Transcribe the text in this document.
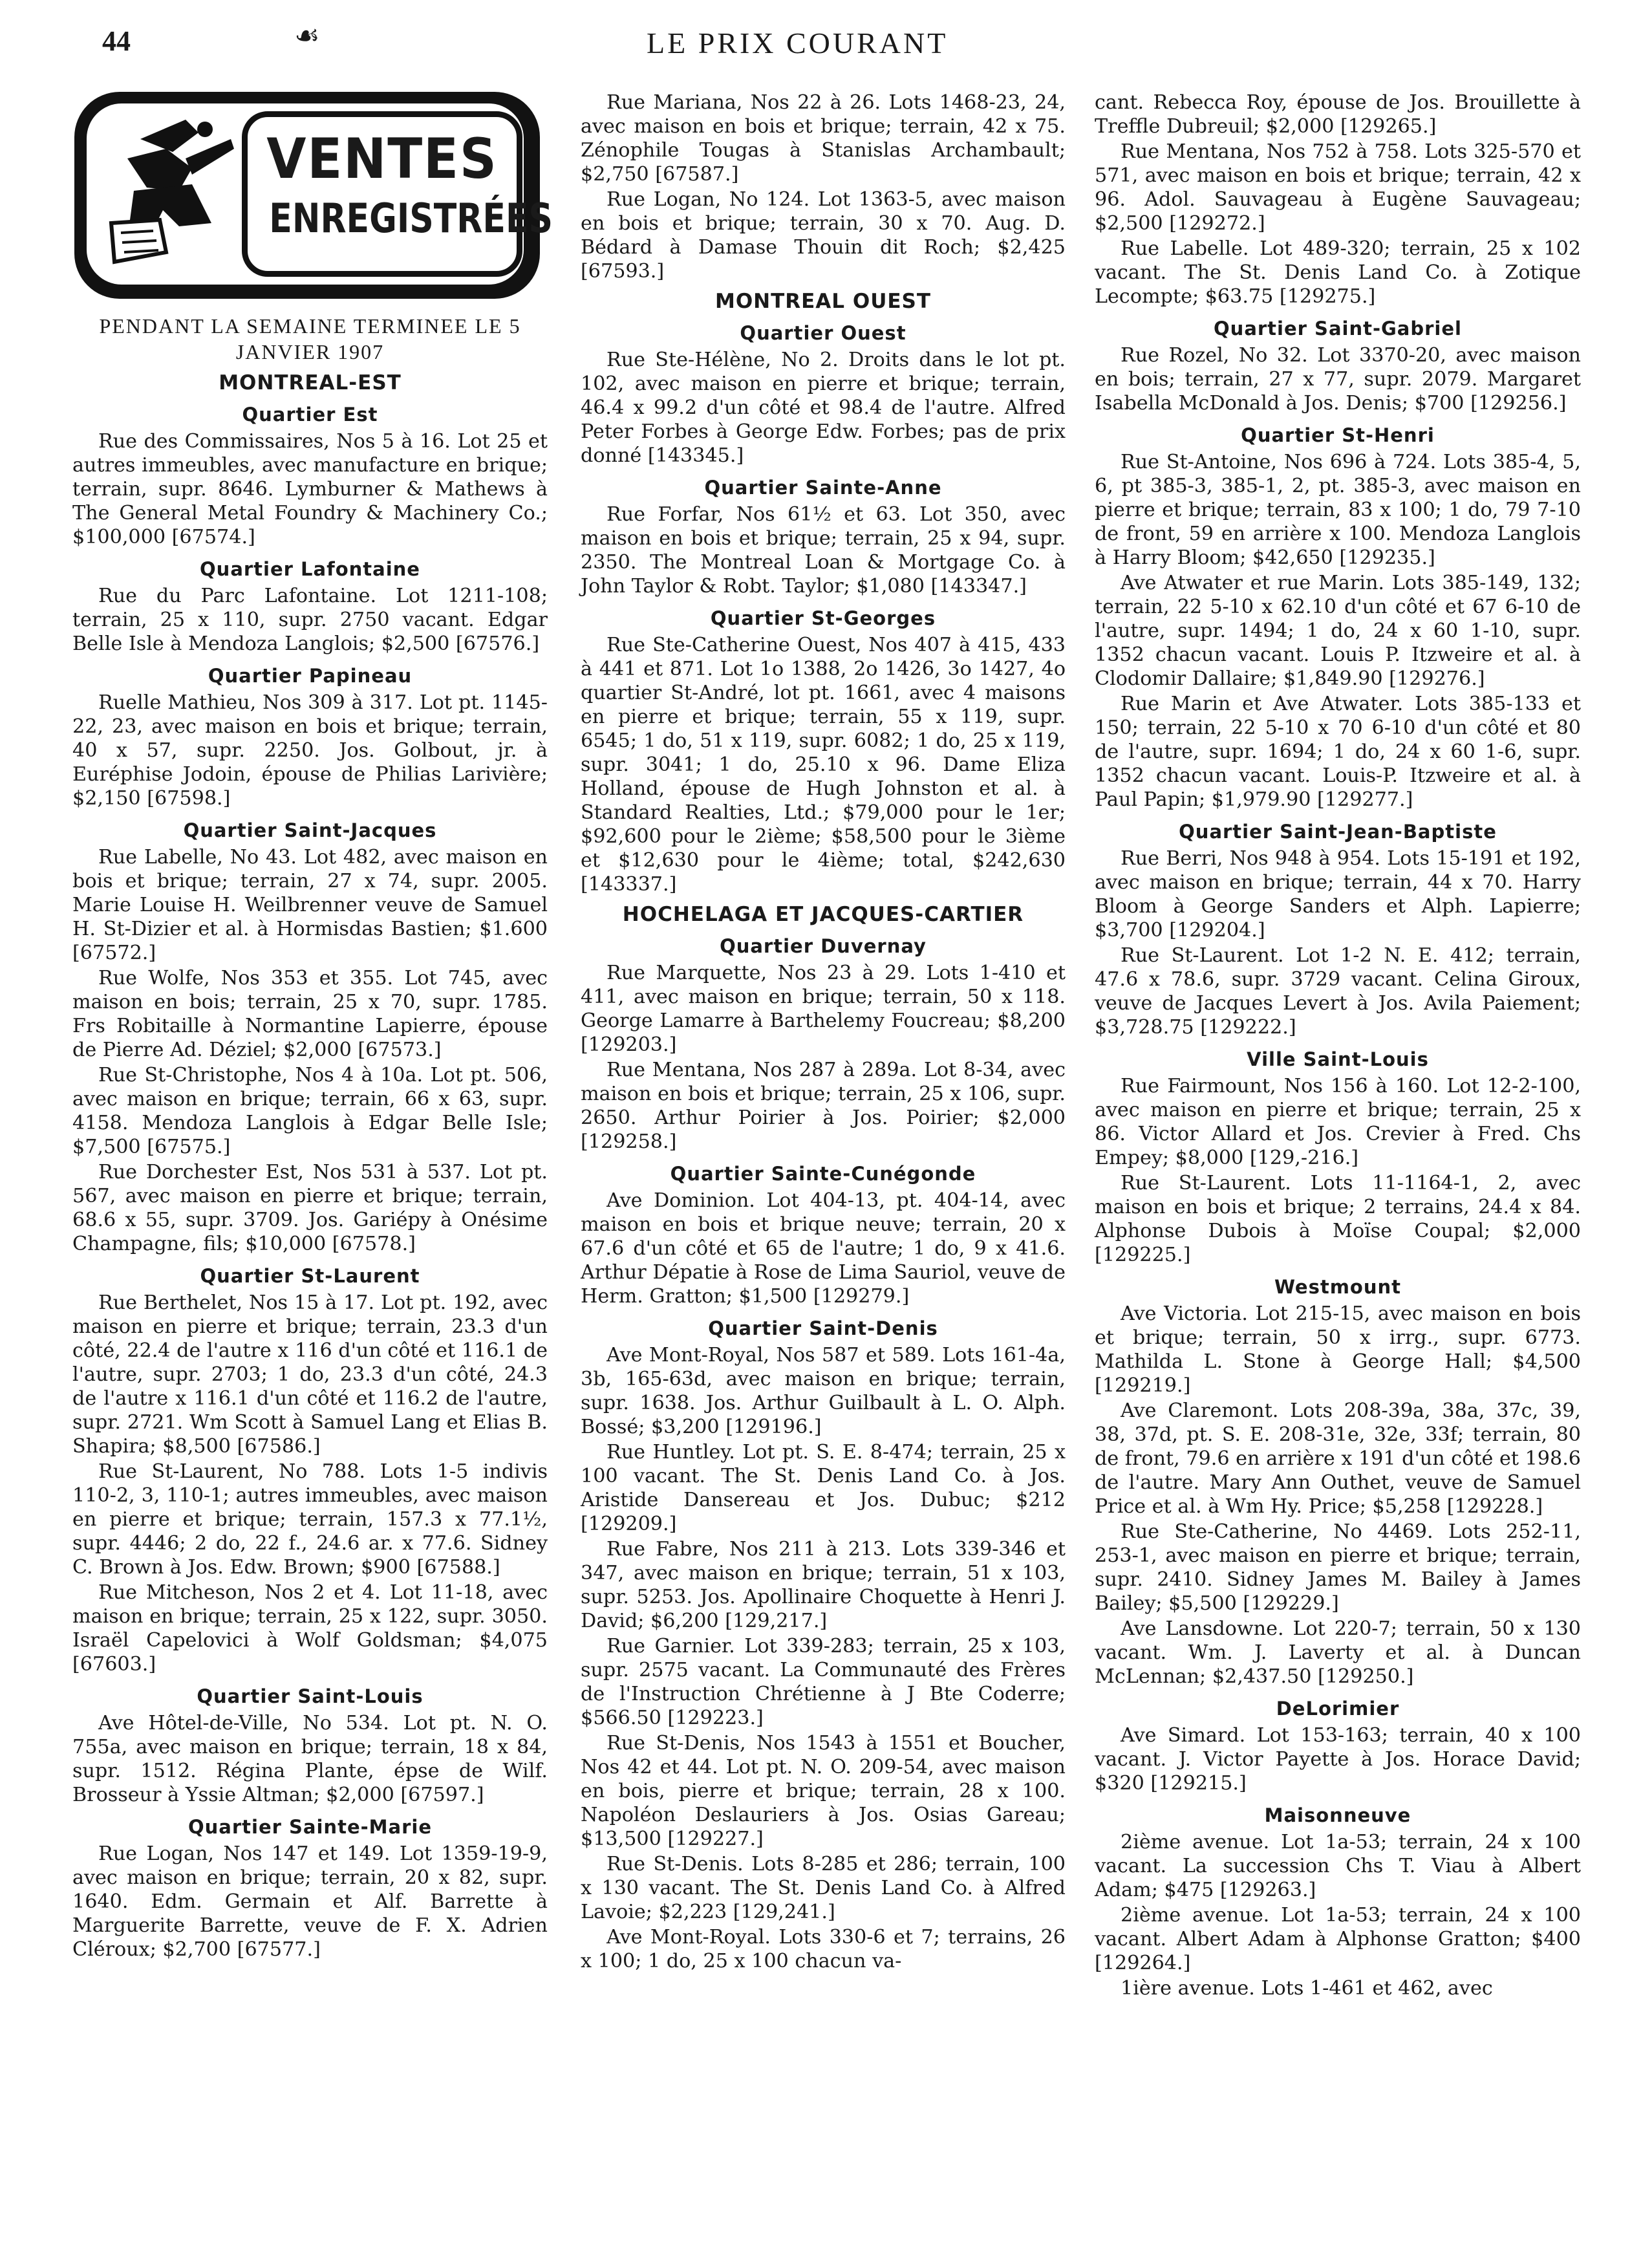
44	☙	LE PRIX COURANT
VENTES
ENREGISTRÉES
PENDANT LA SEMAINE TERMINEE LE 5 JANVIER 1907
MONTREAL-EST
Quartier Est
Rue des Commissaires, Nos 5 à 16. Lot 25 et autres immeubles, avec manufacture en brique; terrain, supr. 8646. Lymburner & Mathews à The General Metal Foundry & Machinery Co.; $100,000 [67574.]
Quartier Lafontaine
Rue du Parc Lafontaine. Lot 1211-108; terrain, 25 x 110, supr. 2750 vacant. Edgar Belle Isle à Mendoza Langlois; $2,500 [67576.]
Quartier Papineau
Ruelle Mathieu, Nos 309 à 317. Lot pt. 1145-22, 23, avec maison en bois et brique; terrain, 40 x 57, supr. 2250. Jos. Golbout, jr. à Euréphise Jodoin, épouse de Philias Larivière; $2,150 [67598.]
Quartier Saint-Jacques
Rue Labelle, No 43. Lot 482, avec maison en bois et brique; terrain, 27 x 74, supr. 2005. Marie Louise H. Weilbrenner veuve de Samuel H. St-Dizier et al. à Hormisdas Bastien; $1.600 [67572.]
Rue Wolfe, Nos 353 et 355. Lot 745, avec maison en bois; terrain, 25 x 70, supr. 1785. Frs Robitaille à Normantine Lapierre, épouse de Pierre Ad. Déziel; $2,000 [67573.]
Rue St-Christophe, Nos 4 à 10a. Lot pt. 506, avec maison en brique; terrain, 66 x 63, supr. 4158. Mendoza Langlois à Edgar Belle Isle; $7,500 [67575.]
Rue Dorchester Est, Nos 531 à 537. Lot pt. 567, avec maison en pierre et brique; terrain, 68.6 x 55, supr. 3709. Jos. Gariépy à Onésime Champagne, fils; $10,000 [67578.]
Quartier St-Laurent
Rue Berthelet, Nos 15 à 17. Lot pt. 192, avec maison en pierre et brique; terrain, 23.3 d'un côté, 22.4 de l'autre x 116 d'un côté et 116.1 de l'autre, supr. 2703; 1 do, 23.3 d'un côté, 24.3 de l'autre x 116.1 d'un côté et 116.2 de l'autre, supr. 2721. Wm Scott à Samuel Lang et Elias B. Shapira; $8,500 [67586.]
Rue St-Laurent, No 788. Lots 1-5 indivis 110-2, 3, 110-1; autres immeubles, avec maison en pierre et brique; terrain, 157.3 x 77.1½, supr. 4446; 2 do, 22 f., 24.6 ar. x 77.6. Sidney C. Brown à Jos. Edw. Brown; $900 [67588.]
Rue Mitcheson, Nos 2 et 4. Lot 11-18, avec maison en brique; terrain, 25 x 122, supr. 3050. Israël Capelovici à Wolf Goldsman; $4,075 [67603.]
Quartier Saint-Louis
Ave Hôtel-de-Ville, No 534. Lot pt. N. O. 755a, avec maison en brique; terrain, 18 x 84, supr. 1512. Régina Plante, épse de Wilf. Brosseur à Yssie Altman; $2,000 [67597.]
Quartier Sainte-Marie
Rue Logan, Nos 147 et 149. Lot 1359-19-9, avec maison en brique; terrain, 20 x 82, supr. 1640. Edm. Germain et Alf. Barrette à Marguerite Barrette, veuve de F. X. Adrien Cléroux; $2,700 [67577.]
Rue Mariana, Nos 22 à 26. Lots 1468-23, 24, avec maison en bois et brique; terrain, 42 x 75. Zénophile Tougas à Stanislas Archambault; $2,750 [67587.]
Rue Logan, No 124. Lot 1363-5, avec maison en bois et brique; terrain, 30 x 70. Aug. D. Bédard à Damase Thouin dit Roch; $2,425 [67593.]
MONTREAL OUEST
Quartier Ouest
Rue Ste-Hélène, No 2. Droits dans le lot pt. 102, avec maison en pierre et brique; terrain, 46.4 x 99.2 d'un côté et 98.4 de l'autre. Alfred Peter Forbes à George Edw. Forbes; pas de prix donné [143345.]
Quartier Sainte-Anne
Rue Forfar, Nos 61½ et 63. Lot 350, avec maison en bois et brique; terrain, 25 x 94, supr. 2350. The Montreal Loan & Mortgage Co. à John Taylor & Robt. Taylor; $1,080 [143347.]
Quartier St-Georges
Rue Ste-Catherine Ouest, Nos 407 à 415, 433 à 441 et 871. Lot 1o 1388, 2o 1426, 3o 1427, 4o quartier St-André, lot pt. 1661, avec 4 maisons en pierre et brique; terrain, 55 x 119, supr. 6545; 1 do, 51 x 119, supr. 6082; 1 do, 25 x 119, supr. 3041; 1 do, 25.10 x 96. Dame Eliza Holland, épouse de Hugh Johnston et al. à Standard Realties, Ltd.; $79,000 pour le 1er; $92,600 pour le 2ième; $58,500 pour le 3ième et $12,630 pour le 4ième; total, $242,630 [143337.]
HOCHELAGA ET JACQUES-CARTIER
Quartier Duvernay
Rue Marquette, Nos 23 à 29. Lots 1-410 et 411, avec maison en brique; terrain, 50 x 118. George Lamarre à Barthelemy Foucreau; $8,200 [129203.]
Rue Mentana, Nos 287 à 289a. Lot 8-34, avec maison en bois et brique; terrain, 25 x 106, supr. 2650. Arthur Poirier à Jos. Poirier; $2,000 [129258.]
Quartier Sainte-Cunégonde
Ave Dominion. Lot 404-13, pt. 404-14, avec maison en bois et brique neuve; terrain, 20 x 67.6 d'un côté et 65 de l'autre; 1 do, 9 x 41.6. Arthur Dépatie à Rose de Lima Sauriol, veuve de Herm. Gratton; $1,500 [129279.]
Quartier Saint-Denis
Ave Mont-Royal, Nos 587 et 589. Lots 161-4a, 3b, 165-63d, avec maison en brique; terrain, supr. 1638. Jos. Arthur Guilbault à L. O. Alph. Bossé; $3,200 [129196.]
Rue Huntley. Lot pt. S. E. 8-474; terrain, 25 x 100 vacant. The St. Denis Land Co. à Jos. Aristide Dansereau et Jos. Dubuc; $212 [129209.]
Rue Fabre, Nos 211 à 213. Lots 339-346 et 347, avec maison en brique; terrain, 51 x 103, supr. 5253. Jos. Apollinaire Choquette à Henri J. David; $6,200 [129,217.]
Rue Garnier. Lot 339-283; terrain, 25 x 103, supr. 2575 vacant. La Communauté des Frères de l'Instruction Chrétienne à J Bte Coderre; $566.50 [129223.]
Rue St-Denis, Nos 1543 à 1551 et Boucher, Nos 42 et 44. Lot pt. N. O. 209-54, avec maison en bois, pierre et brique; terrain, 28 x 100. Napoléon Deslauriers à Jos. Osias Gareau; $13,500 [129227.]
Rue St-Denis. Lots 8-285 et 286; terrain, 100 x 130 vacant. The St. Denis Land Co. à Alfred Lavoie; $2,223 [129,241.]
Ave Mont-Royal. Lots 330-6 et 7; terrains, 26 x 100; 1 do, 25 x 100 chacun va-
cant. Rebecca Roy, épouse de Jos. Brouillette à Treffle Dubreuil; $2,000 [129265.]
Rue Mentana, Nos 752 à 758. Lots 325-570 et 571, avec maison en bois et brique; terrain, 42 x 96. Adol. Sauvageau à Eugène Sauvageau; $2,500 [129272.]
Rue Labelle. Lot 489-320; terrain, 25 x 102 vacant. The St. Denis Land Co. à Zotique Lecompte; $63.75 [129275.]
Quartier Saint-Gabriel
Rue Rozel, No 32. Lot 3370-20, avec maison en bois; terrain, 27 x 77, supr. 2079. Margaret Isabella McDonald à Jos. Denis; $700 [129256.]
Quartier St-Henri
Rue St-Antoine, Nos 696 à 724. Lots 385-4, 5, 6, pt 385-3, 385-1, 2, pt. 385-3, avec maison en pierre et brique; terrain, 83 x 100; 1 do, 79 7-10 de front, 59 en arrière x 100. Mendoza Langlois à Harry Bloom; $42,650 [129235.]
Ave Atwater et rue Marin. Lots 385-149, 132; terrain, 22 5-10 x 62.10 d'un côté et 67 6-10 de l'autre, supr. 1494; 1 do, 24 x 60 1-10, supr. 1352 chacun vacant. Louis P. Itzweire et al. à Clodomir Dallaire; $1,849.90 [129276.]
Rue Marin et Ave Atwater. Lots 385-133 et 150; terrain, 22 5-10 x 70 6-10 d'un côté et 80 de l'autre, supr. 1694; 1 do, 24 x 60 1-6, supr. 1352 chacun vacant. Louis-P. Itzweire et al. à Paul Papin; $1,979.90 [129277.]
Quartier Saint-Jean-Baptiste
Rue Berri, Nos 948 à 954. Lots 15-191 et 192, avec maison en brique; terrain, 44 x 70. Harry Bloom à George Sanders et Alph. Lapierre; $3,700 [129204.]
Rue St-Laurent. Lot 1-2 N. E. 412; terrain, 47.6 x 78.6, supr. 3729 vacant. Celina Giroux, veuve de Jacques Levert à Jos. Avila Paiement; $3,728.75 [129222.]
Ville Saint-Louis
Rue Fairmount, Nos 156 à 160. Lot 12-2-100, avec maison en pierre et brique; terrain, 25 x 86. Victor Allard et Jos. Crevier à Fred. Chs Empey; $8,000 [129,-216.]
Rue St-Laurent. Lots 11-1164-1, 2, avec maison en bois et brique; 2 terrains, 24.4 x 84. Alphonse Dubois à Moïse Coupal; $2,000 [129225.]
Westmount
Ave Victoria. Lot 215-15, avec maison en bois et brique; terrain, 50 x irrg., supr. 6773. Mathilda L. Stone à George Hall; $4,500 [129219.]
Ave Claremont. Lots 208-39a, 38a, 37c, 39, 38, 37d, pt. S. E. 208-31e, 32e, 33f; terrain, 80 de front, 79.6 en arrière x 191 d'un côté et 198.6 de l'autre. Mary Ann Outhet, veuve de Samuel Price et al. à Wm Hy. Price; $5,258 [129228.]
Rue Ste-Catherine, No 4469. Lots 252-11, 253-1, avec maison en pierre et brique; terrain, supr. 2410. Sidney James M. Bailey à James Bailey; $5,500 [129229.]
Ave Lansdowne. Lot 220-7; terrain, 50 x 130 vacant. Wm. J. Laverty et al. à Duncan McLennan; $2,437.50 [129250.]
DeLorimier
Ave Simard. Lot 153-163; terrain, 40 x 100 vacant. J. Victor Payette à Jos. Horace David; $320 [129215.]
Maisonneuve
2ième avenue. Lot 1a-53; terrain, 24 x 100 vacant. La succession Chs T. Viau à Albert Adam; $475 [129263.]
2ième avenue. Lot 1a-53; terrain, 24 x 100 vacant. Albert Adam à Alphonse Gratton; $400 [129264.]
1ière avenue. Lots 1-461 et 462, avec
